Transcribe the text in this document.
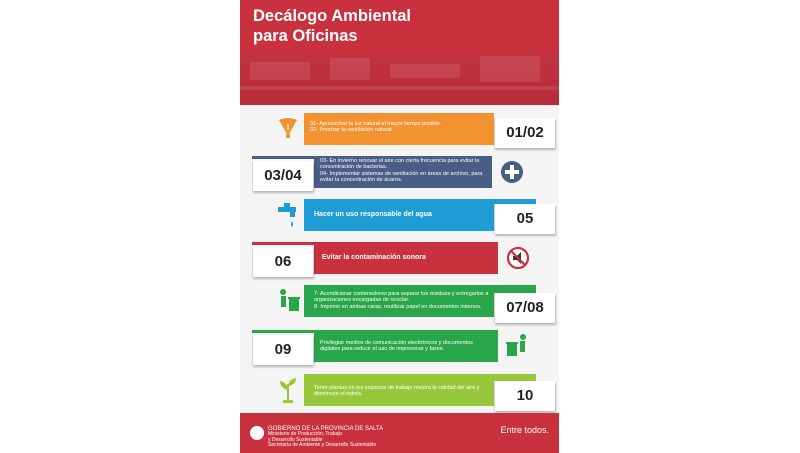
Decálogo Ambiental
para Oficinas
01- Aprovechar la luz natural el mayor tiempo posible.
02- Priorizar la ventilación natural.	01/02
03/04
03- En invierno renovar el aire con cierta frecuencia para evitar la concentración de bacterias.
04- Implementar sistemas de ventilación en áreas de archivo, para evitar la concentración de ácaros.
Hacer un uso responsable del agua	05
06	Evitar la contaminación sonora
7- Acondicionar contenedores para separar los residuos y entregarlos a organizaciones encargadas de reciclar.
8- Imprimir en ambas caras, reutilizar papel en documentos internos.	07/08
09	Privilegiar medios de comunicación electrónicos y documentos digitales para reducir el uso de impresoras y faxes.
Tener plantas en los espacios de trabajo mejora la calidad del aire y disminuye el estrés.	10
GOBIERNO DE LA PROVINCIA DE SALTA
Ministerio de Producción, Trabajo
y Desarrollo Sustentable
Secretaría de Ambiente y Desarrollo Sustentable
Entre todos.
